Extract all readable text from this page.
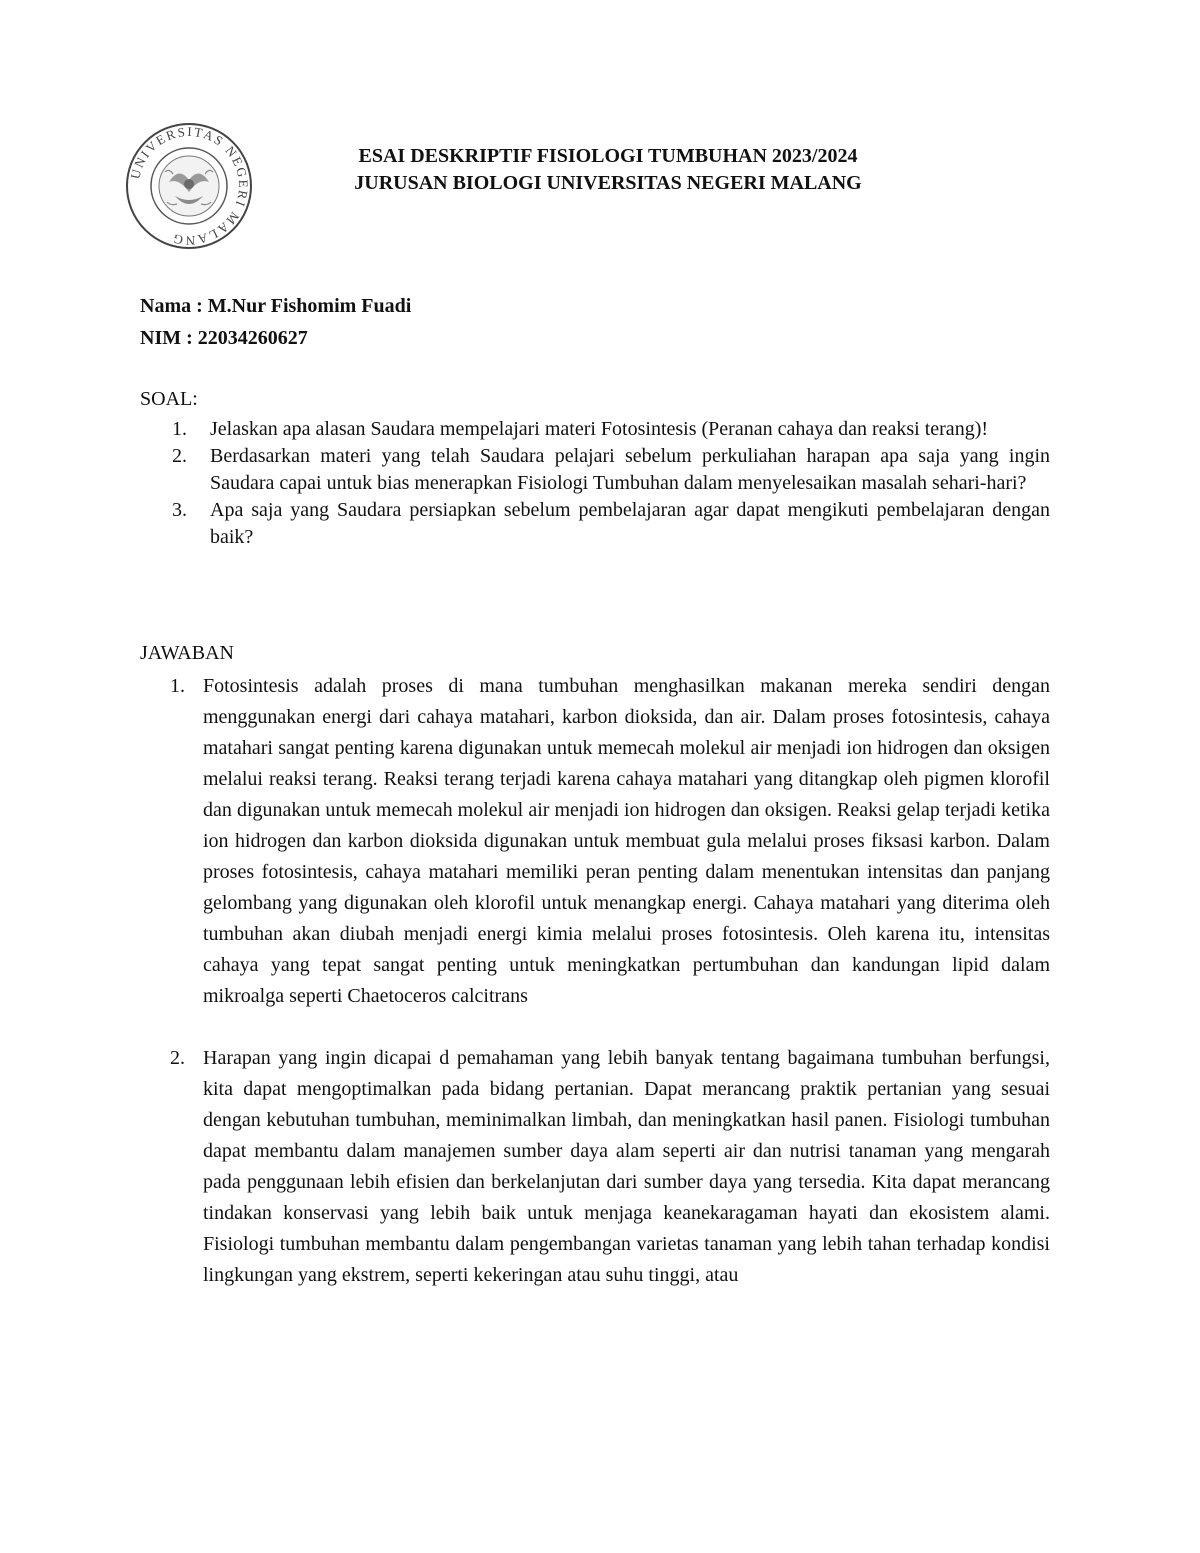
UNIVERSITAS NEGERI MALANG
ESAI DESKRIPTIF FISIOLOGI TUMBUHAN 2023/2024
JURUSAN BIOLOGI UNIVERSITAS NEGERI MALANG
Nama : M.Nur Fishomim Fuadi
NIM : 22034260627
SOAL:
1. Jelaskan apa alasan Saudara mempelajari materi Fotosintesis (Peranan cahaya dan reaksi terang)!
2. Berdasarkan materi yang telah Saudara pelajari sebelum perkuliahan harapan apa saja yang ingin Saudara capai untuk bias menerapkan Fisiologi Tumbuhan dalam menyelesaikan masalah sehari-hari?
3. Apa saja yang Saudara persiapkan sebelum pembelajaran agar dapat mengikuti pembelajaran dengan baik?
JAWABAN
1. Fotosintesis adalah proses di mana tumbuhan menghasilkan makanan mereka sendiri dengan menggunakan energi dari cahaya matahari, karbon dioksida, dan air. Dalam proses fotosintesis, cahaya matahari sangat penting karena digunakan untuk memecah molekul air menjadi ion hidrogen dan oksigen melalui reaksi terang. Reaksi terang terjadi karena cahaya matahari yang ditangkap oleh pigmen klorofil dan digunakan untuk memecah molekul air menjadi ion hidrogen dan oksigen. Reaksi gelap terjadi ketika ion hidrogen dan karbon dioksida digunakan untuk membuat gula melalui proses fiksasi karbon. Dalam proses fotosintesis, cahaya matahari memiliki peran penting dalam menentukan intensitas dan panjang gelombang yang digunakan oleh klorofil untuk menangkap energi. Cahaya matahari yang diterima oleh tumbuhan akan diubah menjadi energi kimia melalui proses fotosintesis. Oleh karena itu, intensitas cahaya yang tepat sangat penting untuk meningkatkan pertumbuhan dan kandungan lipid dalam mikroalga seperti Chaetoceros calcitrans
2. Harapan yang ingin dicapai d pemahaman yang lebih banyak tentang bagaimana tumbuhan berfungsi, kita dapat mengoptimalkan pada bidang pertanian. Dapat merancang praktik pertanian yang sesuai dengan kebutuhan tumbuhan, meminimalkan limbah, dan meningkatkan hasil panen. Fisiologi tumbuhan dapat membantu dalam manajemen sumber daya alam seperti air dan nutrisi tanaman yang mengarah pada penggunaan lebih efisien dan berkelanjutan dari sumber daya yang tersedia. Kita dapat merancang tindakan konservasi yang lebih baik untuk menjaga keanekaragaman hayati dan ekosistem alami. Fisiologi tumbuhan membantu dalam pengembangan varietas tanaman yang lebih tahan terhadap kondisi lingkungan yang ekstrem, seperti kekeringan atau suhu tinggi, atau
